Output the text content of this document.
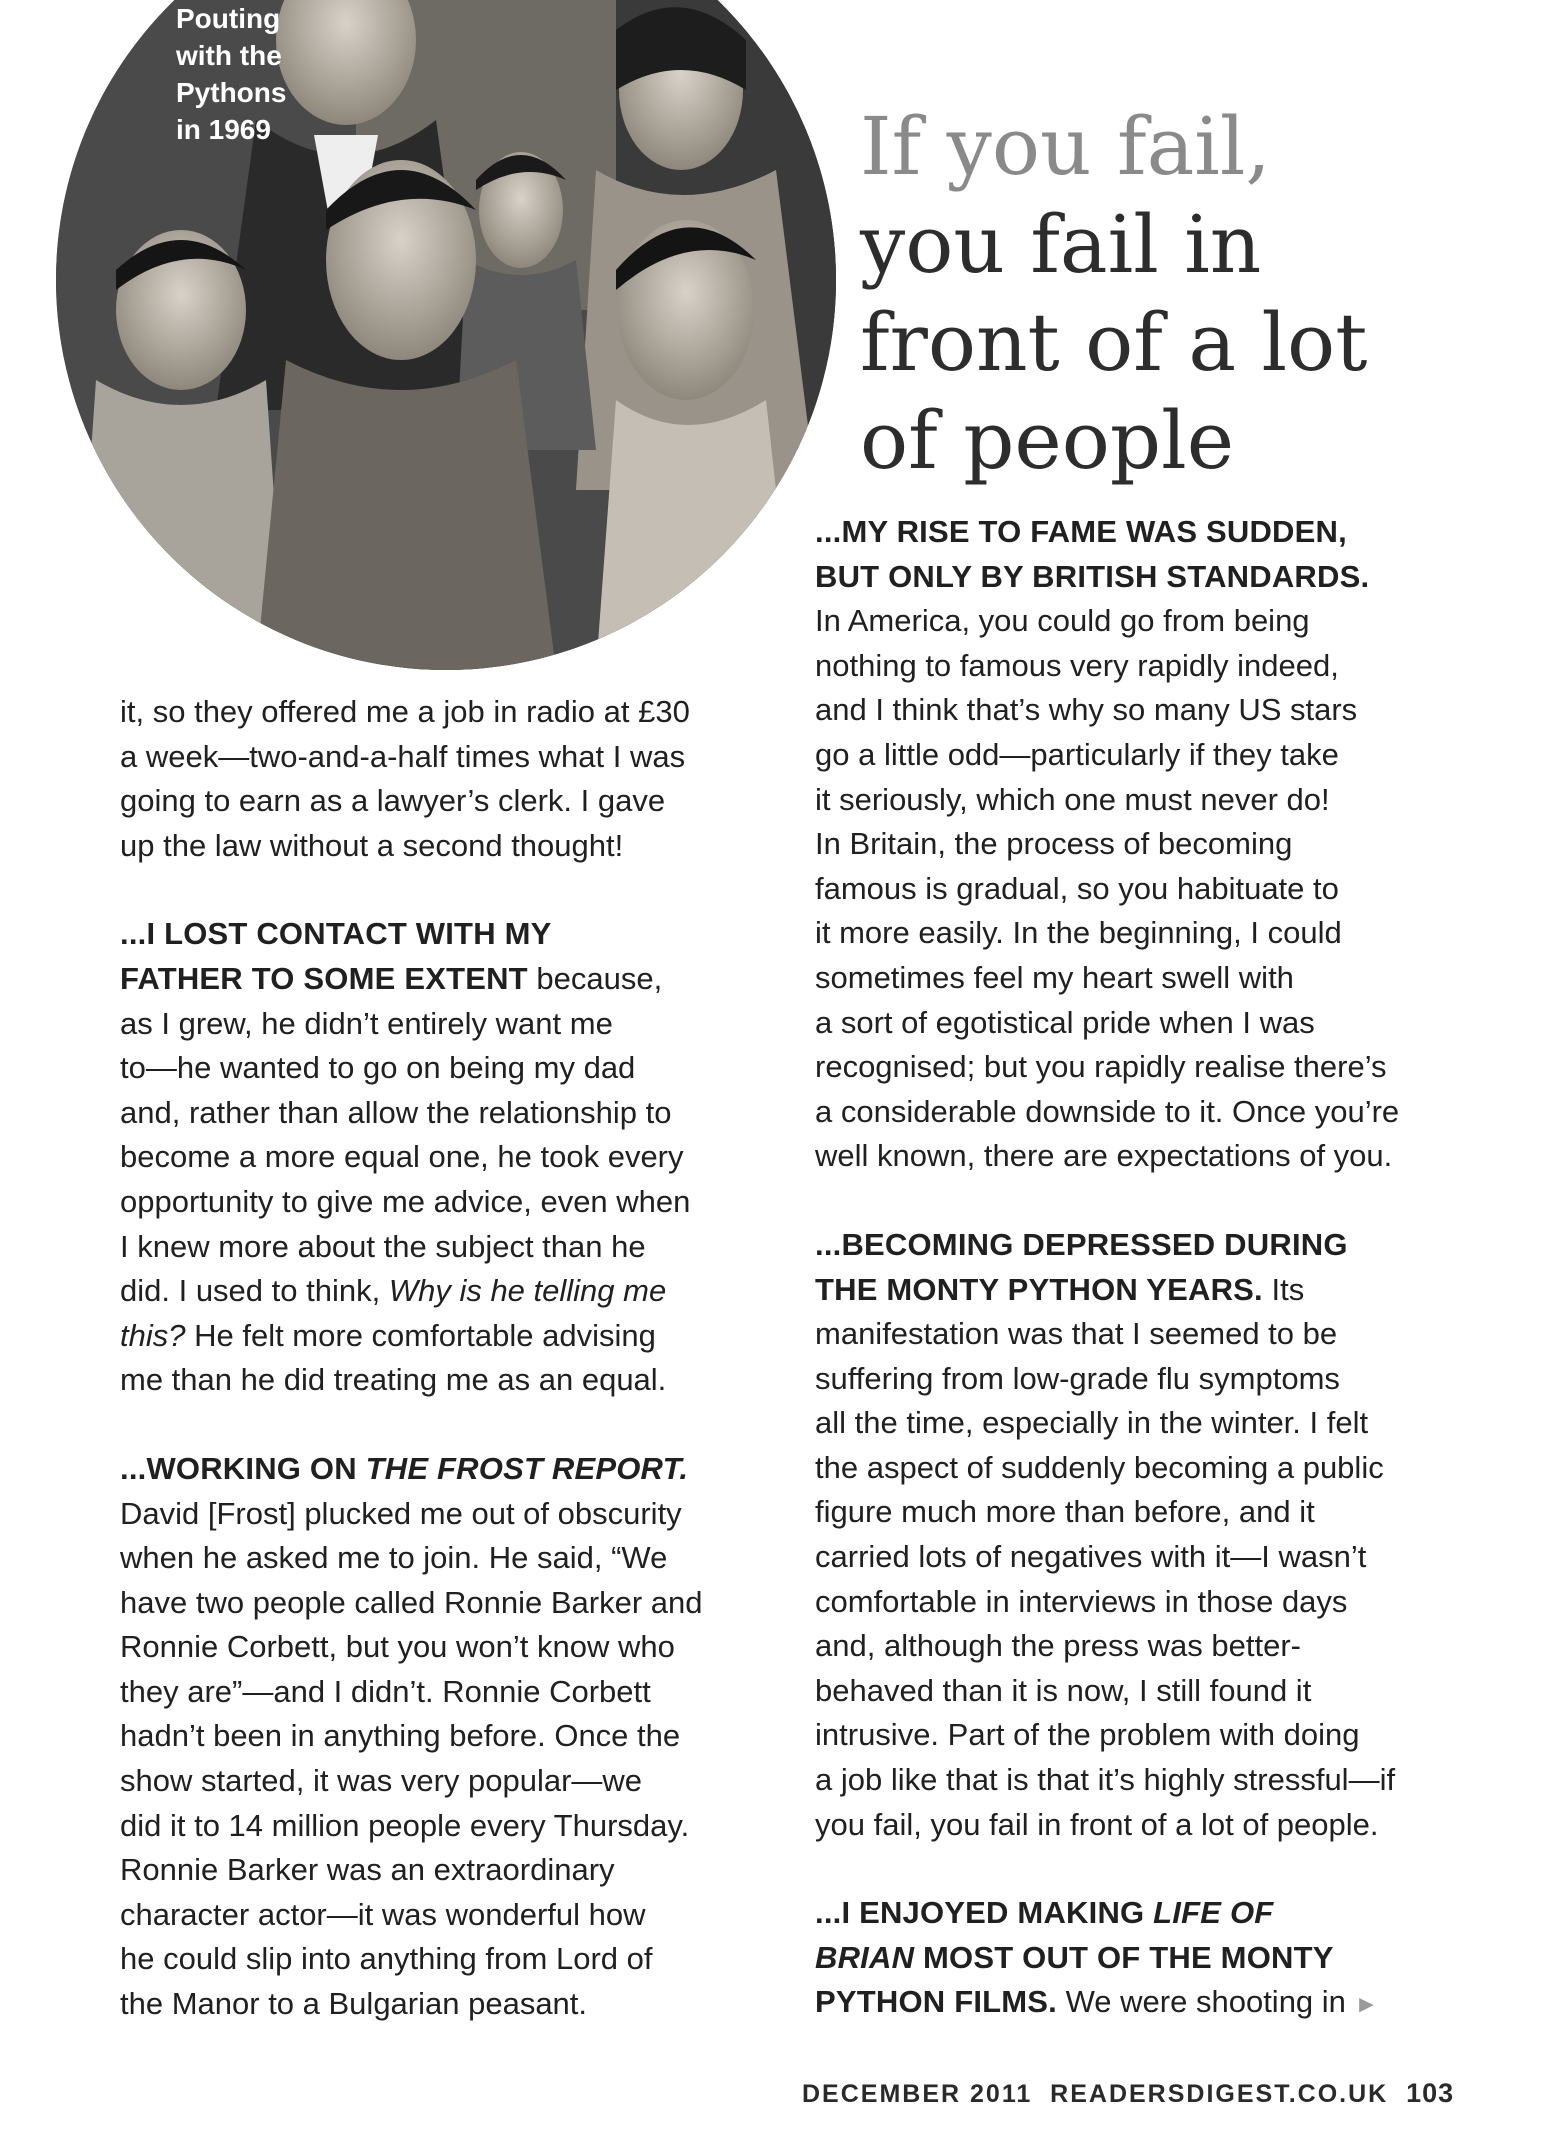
Pouting
with the
Pythons
in 1969	If you fail,
you fail in
front of a lot
of people

it, so they offered me a job in radio at £30
a week—two-and-a-half times what I was
going to earn as a lawyer’s clerk. I gave
up the law without a second thought!

...I LOST CONTACT WITH MY
FATHER TO SOME EXTENT because,
as I grew, he didn’t entirely want me
to—he wanted to go on being my dad
and, rather than allow the relationship to
become a more equal one, he took every
opportunity to give me advice, even when
I knew more about the subject than he
did. I used to think, Why is he telling me
this? He felt more comfortable advising
me than he did treating me as an equal.

...WORKING ON THE FROST REPORT.
David [Frost] plucked me out of obscurity
when he asked me to join. He said, “We
have two people called Ronnie Barker and
Ronnie Corbett, but you won’t know who
they are”—and I didn’t. Ronnie Corbett
hadn’t been in anything before. Once the
show started, it was very popular—we
did it to 14 million people every Thursday.
Ronnie Barker was an extraordinary
character actor—it was wonderful how
he could slip into anything from Lord of
the Manor to a Bulgarian peasant.

...MY RISE TO FAME WAS SUDDEN,
BUT ONLY BY BRITISH STANDARDS.
In America, you could go from being
nothing to famous very rapidly indeed,
and I think that’s why so many US stars
go a little odd—particularly if they take
it seriously, which one must never do!
In Britain, the process of becoming
famous is gradual, so you habituate to
it more easily. In the beginning, I could
sometimes feel my heart swell with
a sort of egotistical pride when I was
recognised; but you rapidly realise there’s
a considerable downside to it. Once you’re
well known, there are expectations of you.

...BECOMING DEPRESSED DURING
THE MONTY PYTHON YEARS. Its
manifestation was that I seemed to be
suffering from low-grade flu symptoms
all the time, especially in the winter. I felt
the aspect of suddenly becoming a public
figure much more than before, and it
carried lots of negatives with it—I wasn’t
comfortable in interviews in those days
and, although the press was better-
behaved than it is now, I still found it
intrusive. Part of the problem with doing
a job like that is that it’s highly stressful—if
you fail, you fail in front of a lot of people.

...I ENJOYED MAKING LIFE OF
BRIAN MOST OUT OF THE MONTY
PYTHON FILMS. We were shooting in ►

DECEMBER 2011 READERSDIGEST.CO.UK 103
